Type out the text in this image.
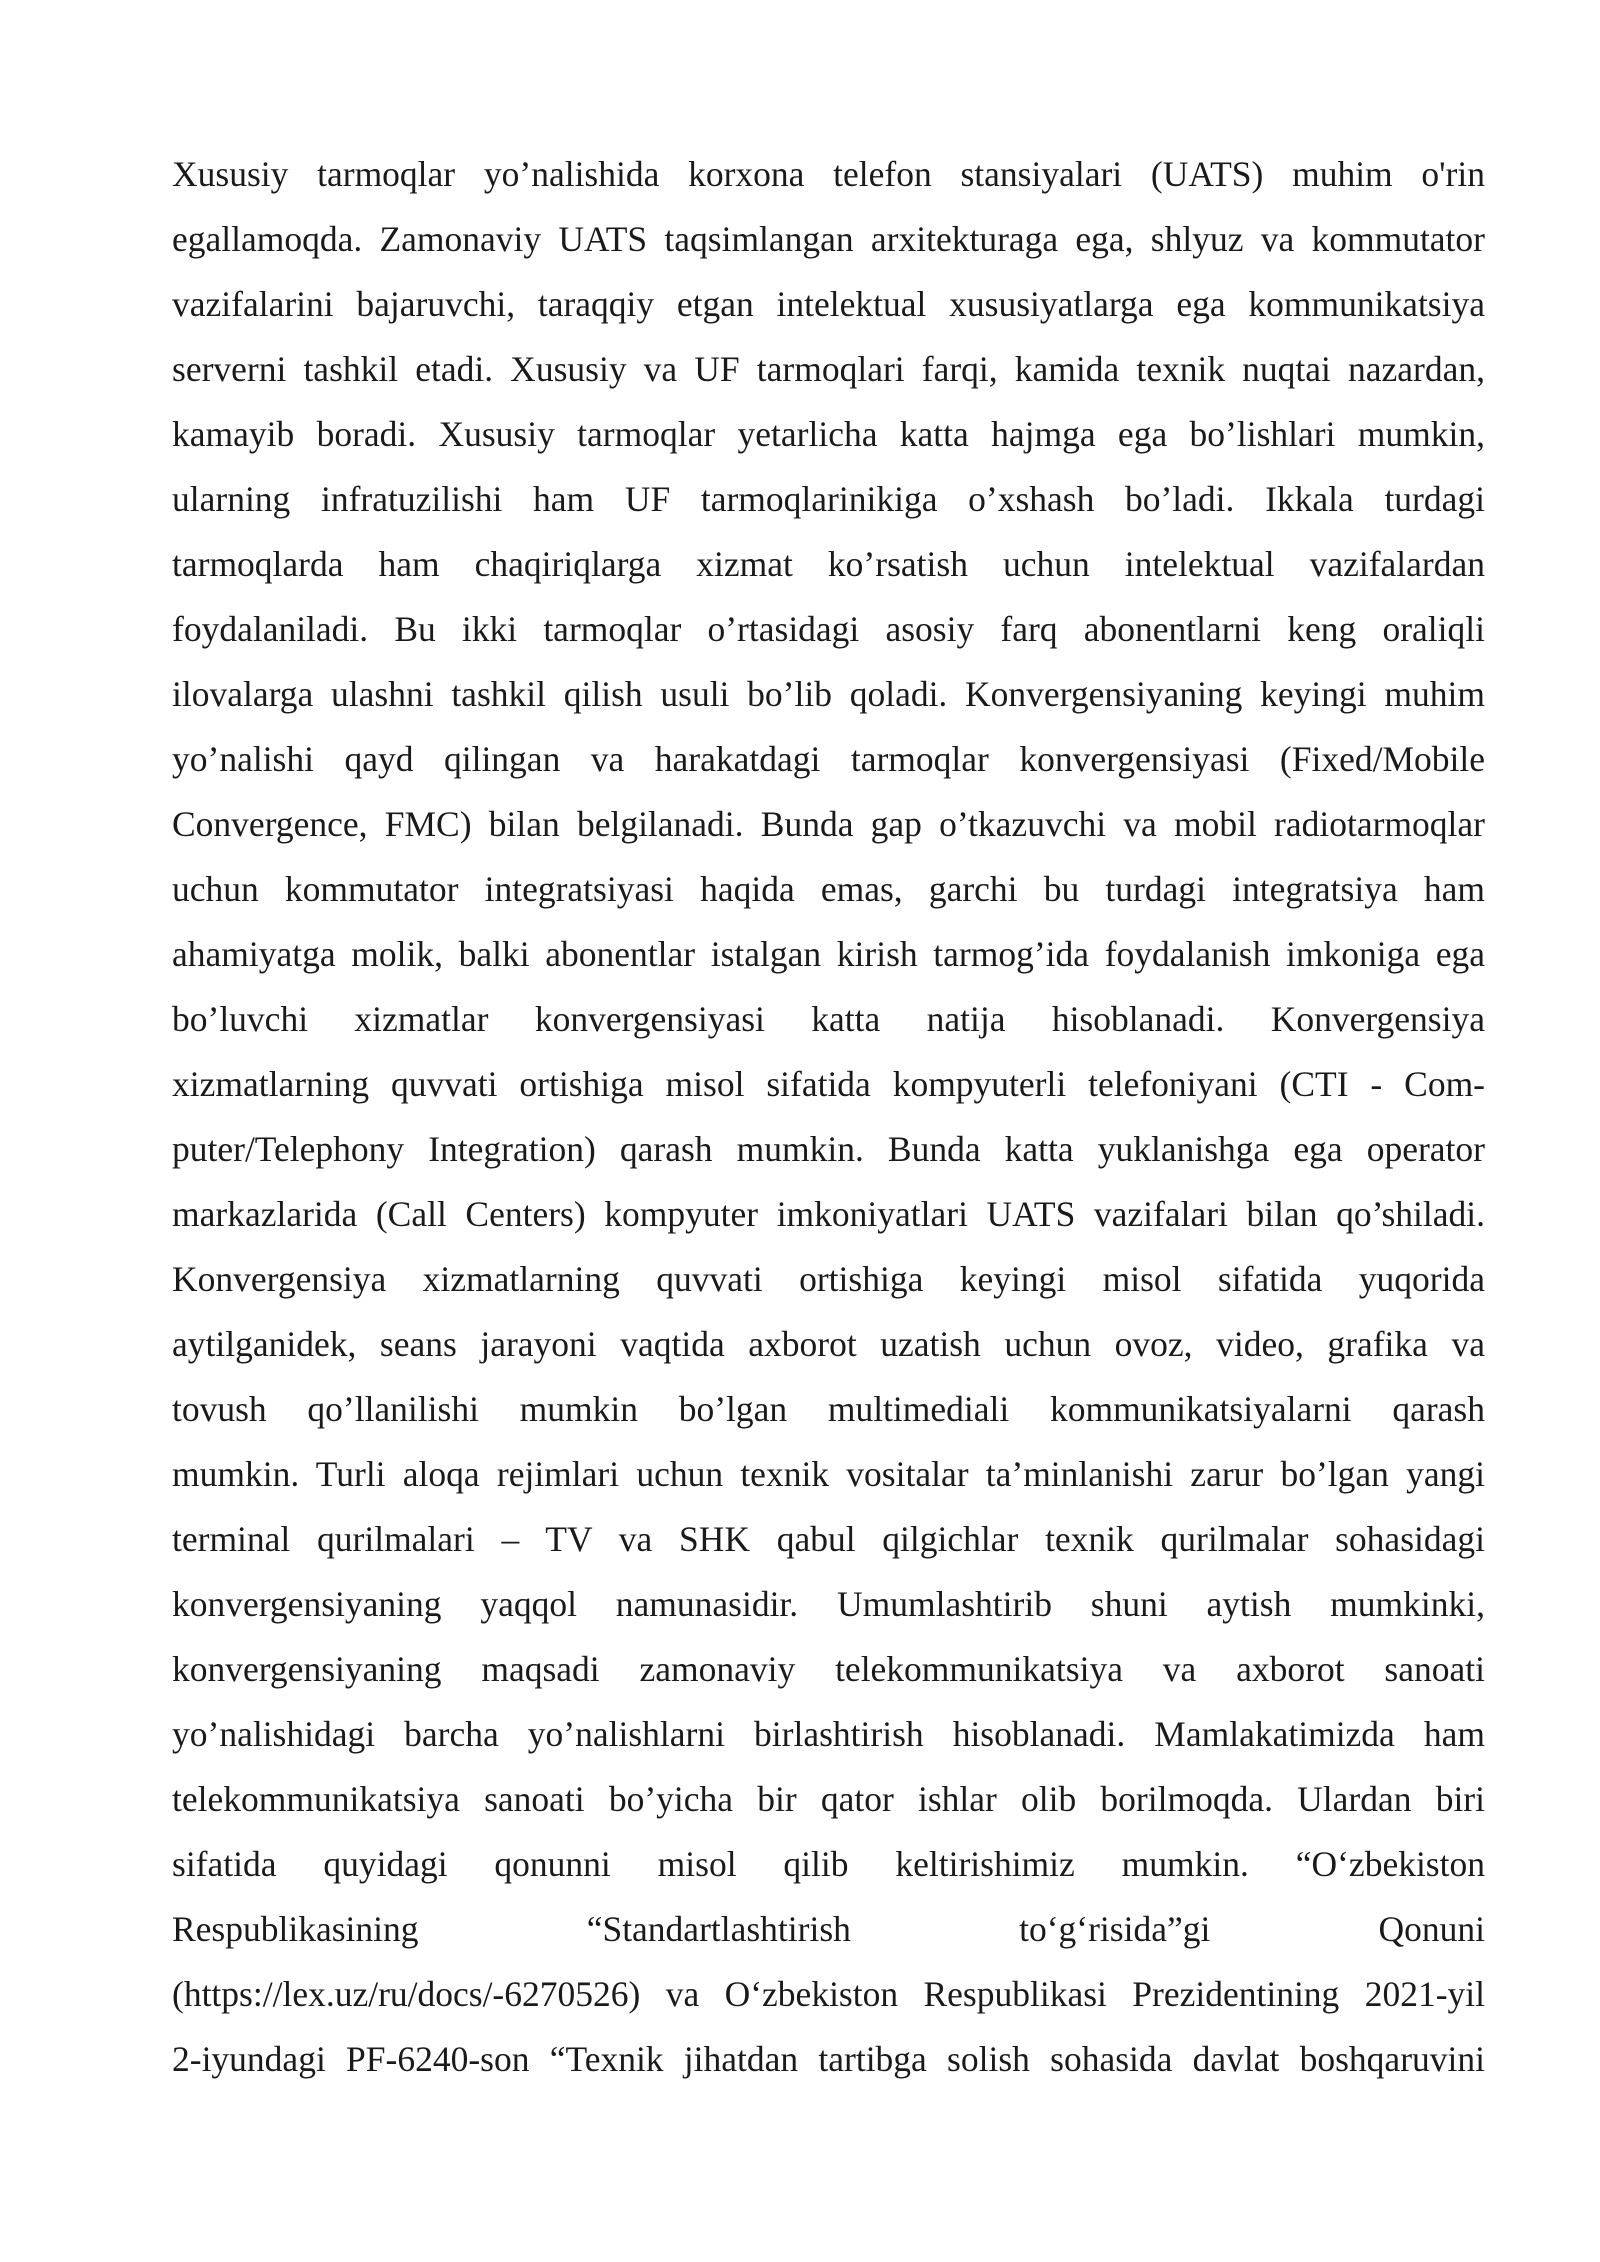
Xususiy tarmoqlar yo’nalishida korxona telefon stansiyalari (UATS) muhim o'rin
egallamoqda. Zamonaviy UATS taqsimlangan arxitekturaga ega, shlyuz va kommutator
vazifalarini bajaruvchi, taraqqiy etgan intelektual xususiyatlarga ega kommunikatsiya
serverni tashkil etadi. Xususiy va UF tarmoqlari farqi, kamida texnik nuqtai nazardan,
kamayib boradi. Xususiy tarmoqlar yetarlicha katta hajmga ega bo’lishlari mumkin,
ularning infratuzilishi ham UF tarmoqlarinikiga o’xshash bo’ladi. Ikkala turdagi
tarmoqlarda ham chaqiriqlarga xizmat ko’rsatish uchun intelektual vazifalardan
foydalaniladi. Bu ikki tarmoqlar o’rtasidagi asosiy farq abonentlarni keng oraliqli
ilovalarga ulashni tashkil qilish usuli bo’lib qoladi. Konvergensiyaning keyingi muhim
yo’nalishi qayd qilingan va harakatdagi tarmoqlar konvergensiyasi (Fixed/Mobile
Convergence, FMC) bilan belgilanadi. Bunda gap o’tkazuvchi va mobil radiotarmoqlar
uchun kommutator integratsiyasi haqida emas, garchi bu turdagi integratsiya ham
ahamiyatga molik, balki abonentlar istalgan kirish tarmog’ida foydalanish imkoniga ega
bo’luvchi xizmatlar konvergensiyasi katta natija hisoblanadi. Konvergensiya
xizmatlarning quvvati ortishiga misol sifatida kompyuterli telefoniyani (CTI - Com-
puter/Telephony Integration) qarash mumkin. Bunda katta yuklanishga ega operator
markazlarida (Call Centers) kompyuter imkoniyatlari UATS vazifalari bilan qo’shiladi.
Konvergensiya xizmatlarning quvvati ortishiga keyingi misol sifatida yuqorida
aytilganidek, seans jarayoni vaqtida axborot uzatish uchun ovoz, video, grafika va
tovush qo’llanilishi mumkin bo’lgan multimediali kommunikatsiyalarni qarash
mumkin. Turli aloqa rejimlari uchun texnik vositalar ta’minlanishi zarur bo’lgan yangi
terminal qurilmalari – TV va SHK qabul qilgichlar texnik qurilmalar sohasidagi
konvergensiyaning yaqqol namunasidir. Umumlashtirib shuni aytish mumkinki,
konvergensiyaning maqsadi zamonaviy telekommunikatsiya va axborot sanoati
yo’nalishidagi barcha yo’nalishlarni birlashtirish hisoblanadi. Mamlakatimizda ham
telekommunikatsiya sanoati bo’yicha bir qator ishlar olib borilmoqda. Ulardan biri
sifatida quyidagi qonunni misol qilib keltirishimiz mumkin. “O‘zbekiston
Respublikasining “Standartlashtirish to‘g‘risida”gi Qonuni
(https://lex.uz/ru/docs/-6270526) va O‘zbekiston Respublikasi Prezidentining 2021-yil
2-iyundagi PF-6240-son “Texnik jihatdan tartibga solish sohasida davlat boshqaruvini
